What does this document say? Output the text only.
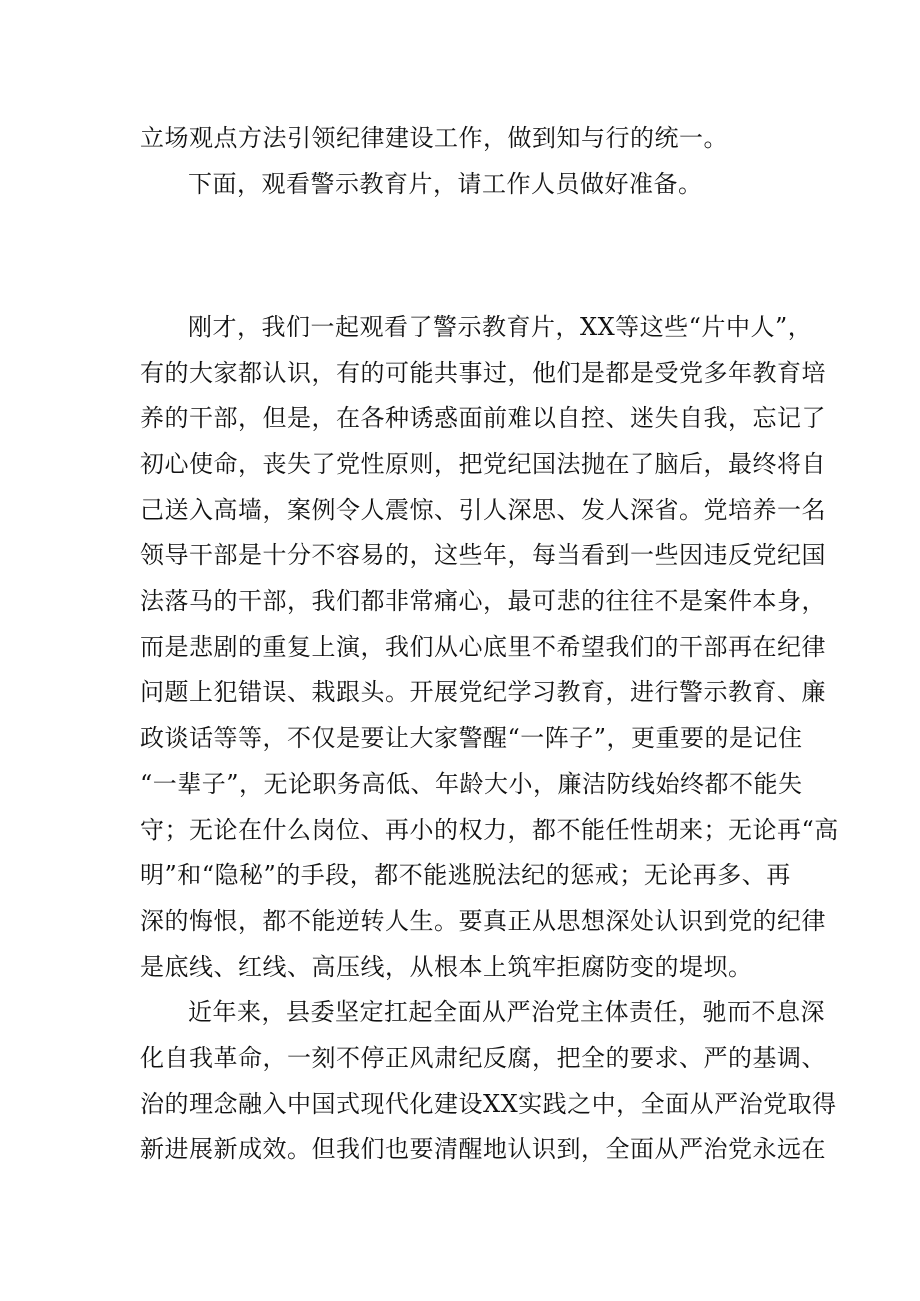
立场观点方法引领纪律建设工作，做到知与行的统一。
下面，观看警示教育片，请工作人员做好准备。
刚才，我们一起观看了警示教育片，XX等这些“片中人”，
有的大家都认识，有的可能共事过，他们是都是受党多年教育培
养的干部，但是，在各种诱惑面前难以自控、迷失自我，忘记了
初心使命，丧失了党性原则，把党纪国法抛在了脑后，最终将自
己送入高墙，案例令人震惊、引人深思、发人深省。党培养一名
领导干部是十分不容易的，这些年，每当看到一些因违反党纪国
法落马的干部，我们都非常痛心，最可悲的往往不是案件本身，
而是悲剧的重复上演，我们从心底里不希望我们的干部再在纪律
问题上犯错误、栽跟头。开展党纪学习教育，进行警示教育、廉
政谈话等等，不仅是要让大家警醒“一阵子”，更重要的是记住
“一辈子”，无论职务高低、年龄大小，廉洁防线始终都不能失
守；无论在什么岗位、再小的权力，都不能任性胡来；无论再“高
明”和“隐秘”的手段，都不能逃脱法纪的惩戒；无论再多、再
深的悔恨，都不能逆转人生。要真正从思想深处认识到党的纪律
是底线、红线、高压线，从根本上筑牢拒腐防变的堤坝。
近年来，县委坚定扛起全面从严治党主体责任，驰而不息深
化自我革命，一刻不停正风肃纪反腐，把全的要求、严的基调、
治的理念融入中国式现代化建设XX实践之中，全面从严治党取得
新进展新成效。但我们也要清醒地认识到，全面从严治党永远在
